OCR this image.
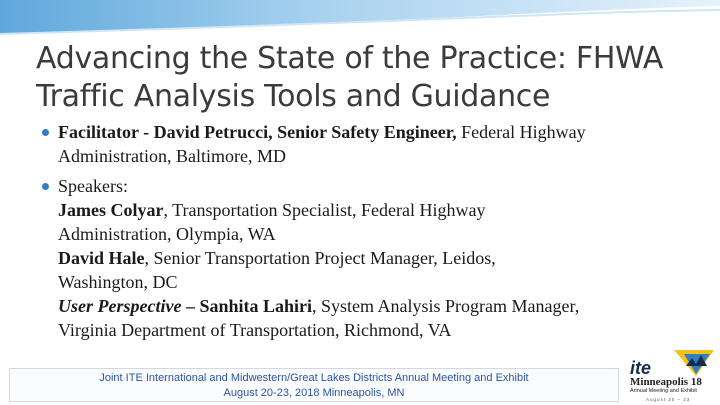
Advancing the State of the Practice: FHWA
Traffic Analysis Tools and Guidance
Facilitator - David Petrucci, Senior Safety Engineer, Federal Highway
Administration, Baltimore, MD
Speakers:
James Colyar, Transportation Specialist, Federal Highway
Administration, Olympia, WA
David Hale, Senior Transportation Project Manager, Leidos,
Washington, DC
User Perspective – Sanhita Lahiri, System Analysis Program Manager,
Virginia Department of Transportation, Richmond, VA
Joint ITE International and Midwestern/Great Lakes Districts Annual Meeting and Exhibit
August 20-23, 2018 Minneapolis, MN
ite
Minneapolis 18
Annual Meeting and Exhibit
August 20 – 23
